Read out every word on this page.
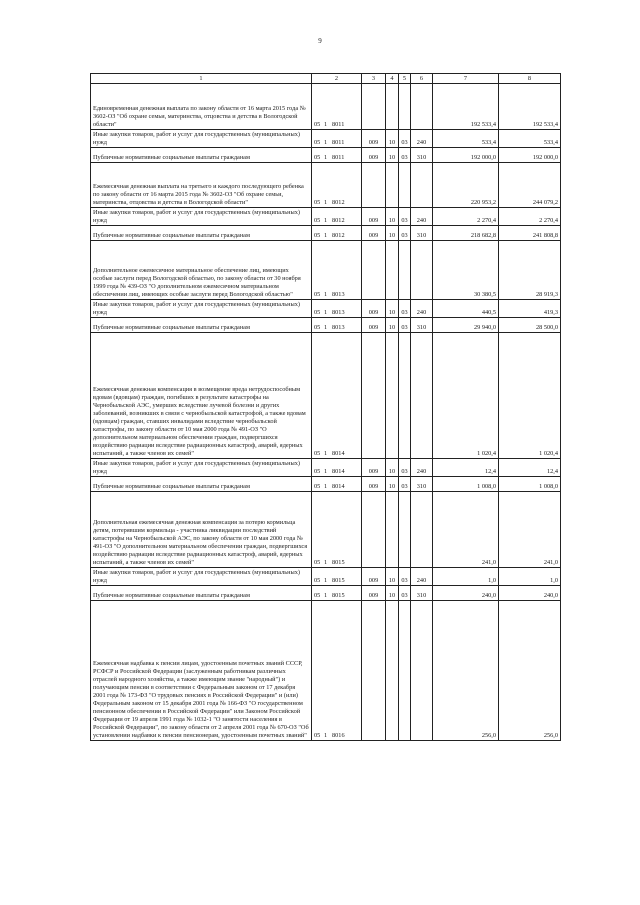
9
1	2	3	4	5	6	7	8
Единовременная денежная выплата по закону области от 16 марта 2015 года № 3602-ОЗ "Об охране семьи, материнства, отцовства и детства в Вологодской области"	05 1 8011					192 533,4	192 533,4
Иные закупки товаров, работ и услуг для государственных (муниципальных) нужд	05 1 8011	009	10	03	240	533,4	533,4
Публичные нормативные социальные выплаты гражданам	05 1 8011	009	10	03	310	192 000,0	192 000,0
Ежемесячная денежная выплата на третьего и каждого последующего ребенка по закону области от 16 марта 2015 года № 3602-ОЗ "Об охране семьи, материнства, отцовства и детства в Вологодской области"	05 1 8012					220 953,2	244 079,2
Иные закупки товаров, работ и услуг для государственных (муниципальных) нужд	05 1 8012	009	10	03	240	2 270,4	2 270,4
Публичные нормативные социальные выплаты гражданам	05 1 8012	009	10	03	310	218 682,8	241 808,8
Дополнительное ежемесячное материальное обеспечение лиц, имеющих особые заслуги перед Вологодской областью, по закону области от 30 ноября 1999 года № 439-ОЗ "О дополнительном ежемесячном материальном обеспечении лиц, имеющих особые заслуги перед Вологодской областью"	05 1 8013					30 380,5	28 919,3
Иные закупки товаров, работ и услуг для государственных (муниципальных) нужд	05 1 8013	009	10	03	240	440,5	419,3
Публичные нормативные социальные выплаты гражданам	05 1 8013	009	10	03	310	29 940,0	28 500,0
Ежемесячная денежная компенсация в возмещение вреда нетрудоспособным вдовам (вдовцам) граждан, погибших в результате катастрофы на Чернобыльской АЭС, умерших вследствие лучевой болезни и других заболеваний, возникших в связи с чернобыльской катастрофой, а также вдовам (вдовцам) граждан, ставших инвалидами вследствие чернобыльской катастрофы, по закону области от 10 мая 2000 года № 491-ОЗ "О дополнительном материальном обеспечении граждан, подвергшихся воздействию радиации вследствие радиационных катастроф, аварий, ядерных испытаний, а также членов их семей"	05 1 8014					1 020,4	1 020,4
Иные закупки товаров, работ и услуг для государственных (муниципальных) нужд	05 1 8014	009	10	03	240	12,4	12,4
Публичные нормативные социальные выплаты гражданам	05 1 8014	009	10	03	310	1 008,0	1 008,0
Дополнительная ежемесячная денежная компенсация за потерю кормильца детям, потерявшим кормильца - участника ликвидации последствий катастрофы на Чернобыльской АЭС, по закону области от 10 мая 2000 года № 491-ОЗ "О дополнительном материальном обеспечении граждан, подвергшихся воздействию радиации вследствие радиационных катастроф, аварий, ядерных испытаний, а также членов их семей"	05 1 8015					241,0	241,0
Иные закупки товаров, работ и услуг для государственных (муниципальных) нужд	05 1 8015	009	10	03	240	1,0	1,0
Публичные нормативные социальные выплаты гражданам	05 1 8015	009	10	03	310	240,0	240,0
Ежемесячная надбавка к пенсии лицам, удостоенным почетных званий СССР, РСФСР и Российской Федерации (заслуженным работникам различных отраслей народного хозяйства, а также имеющим звание "народный") и получающим пенсии в соответствии с Федеральным законом от 17 декабря 2001 года № 173-ФЗ "О трудовых пенсиях в Российской Федерации" и (или) Федеральным законом от 15 декабря 2001 года № 166-ФЗ "О государственном пенсионном обеспечении в Российской Федерации" или Законом Российской Федерации от 19 апреля 1991 года № 1032-1 "О занятости населения в Российской Федерации", по закону области от 2 апреля 2001 года № 670-ОЗ "Об установлении надбавки к пенсии пенсионерам, удостоенным почетных званий"	05 1 8016					256,0	256,0
